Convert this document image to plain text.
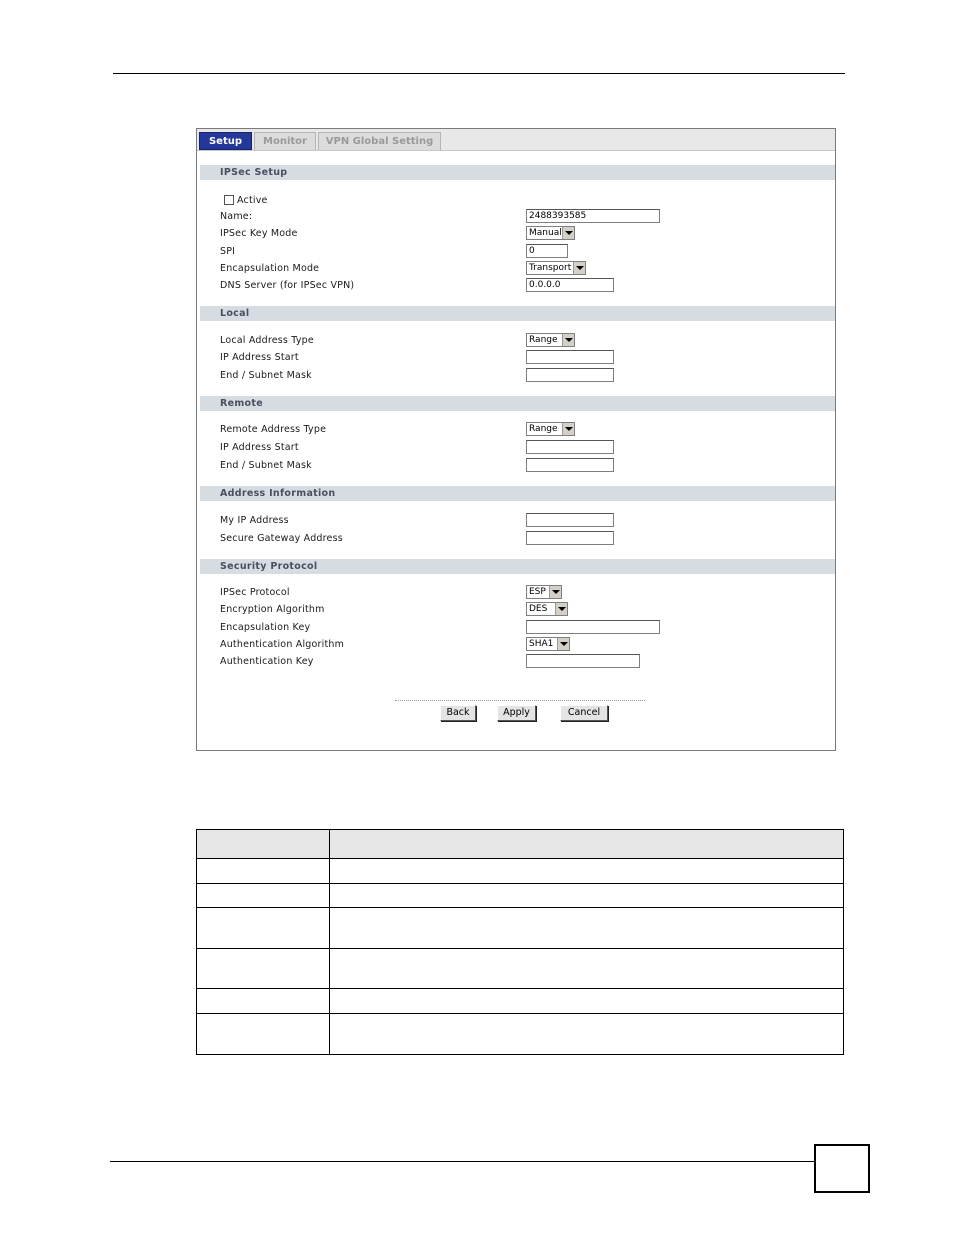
Setup	Monitor	VPN Global Setting
IPSec Setup
Active
Name:	2488393585
IPSec Key Mode	Manual
SPI	0
Encapsulation Mode	Transport
DNS Server (for IPSec VPN)	0.0.0.0
Local
Local Address Type	Range
IP Address Start
End / Subnet Mask
Remote
Remote Address Type	Range
IP Address Start
End / Subnet Mask
Address Information
My IP Address
Secure Gateway Address
Security Protocol
IPSec Protocol	ESP
Encryption Algorithm	DES
Encapsulation Key
Authentication Algorithm	SHA1
Authentication Key
Back	Apply	Cancel
